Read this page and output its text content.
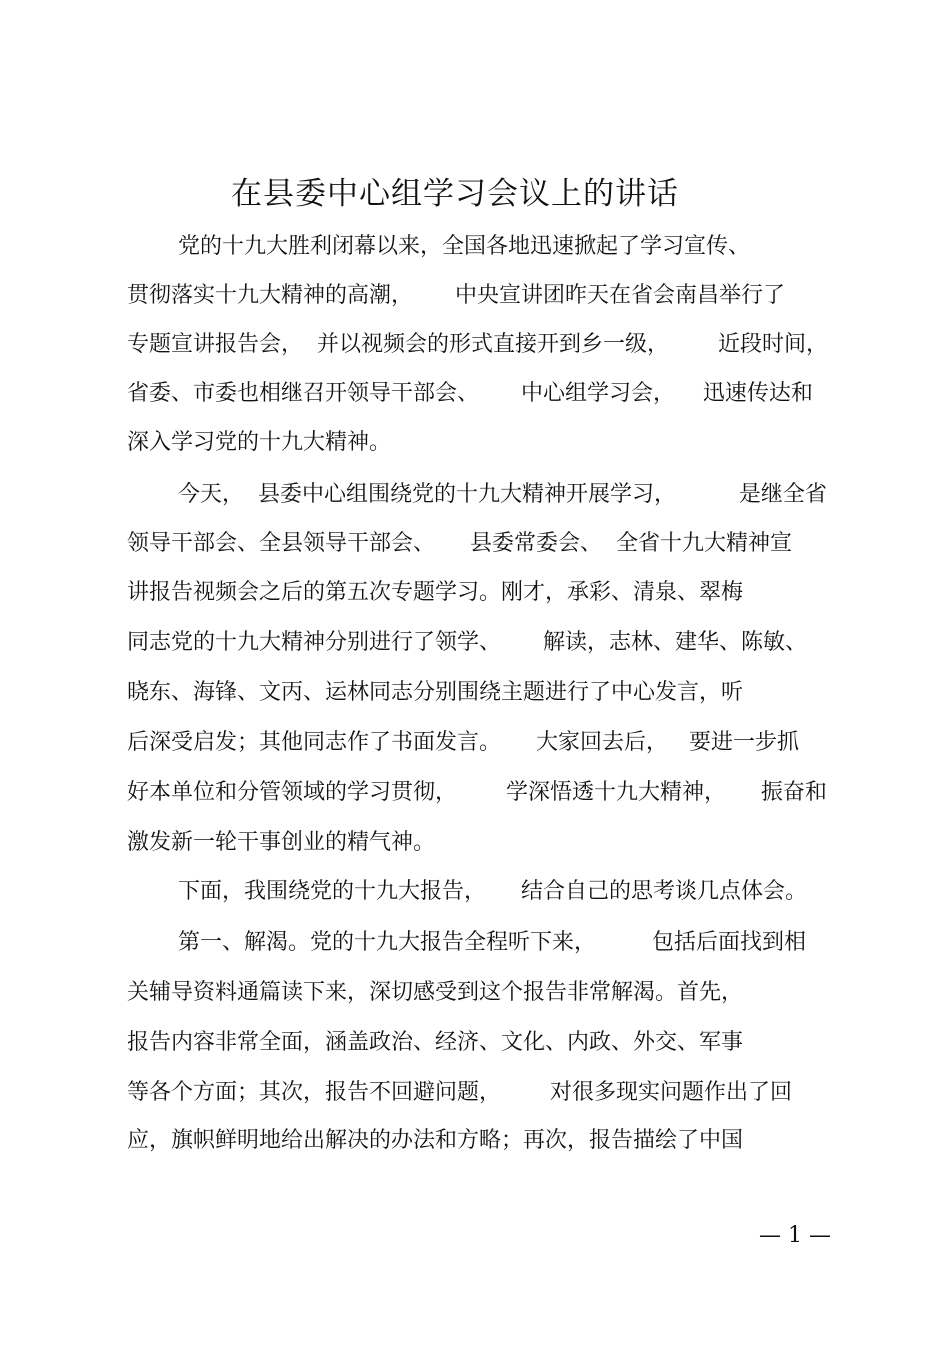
在县委中心组学习会议上的讲话

党的十九大胜利闭幕以来，全国各地迅速掀起了学习宣传、

贯彻落实十九大精神的高潮，      中央宣讲团昨天在省会南昌举行了

专题宣讲报告会，  并以视频会的形式直接开到乡一级，       近段时间，

省委、市委也相继召开领导干部会、      中心组学习会，    迅速传达和

深入学习党的十九大精神。

今天，  县委中心组围绕党的十九大精神开展学习，         是继全省

领导干部会、全县领导干部会、     县委常委会、  全省十九大精神宣

讲报告视频会之后的第五次专题学习。刚才，承彩、清泉、翠梅

同志党的十九大精神分别进行了领学、      解读，志林、建华、陈敏、

晓东、海锋、文丙、运林同志分别围绕主题进行了中心发言，听

后深受启发；其他同志作了书面发言。     大家回去后，   要进一步抓

好本单位和分管领域的学习贯彻，       学深悟透十九大精神，     振奋和

激发新一轮干事创业的精气神。

下面，我围绕党的十九大报告，     结合自己的思考谈几点体会。

第一、解渴。党的十九大报告全程听下来，        包括后面找到相

关辅导资料通篇读下来，深切感受到这个报告非常解渴。首先，

报告内容非常全面，涵盖政治、经济、文化、内政、外交、军事

等各个方面；其次，报告不回避问题，       对很多现实问题作出了回

应，旗帜鲜明地给出解决的办法和方略；再次，报告描绘了中国

— 1 —
